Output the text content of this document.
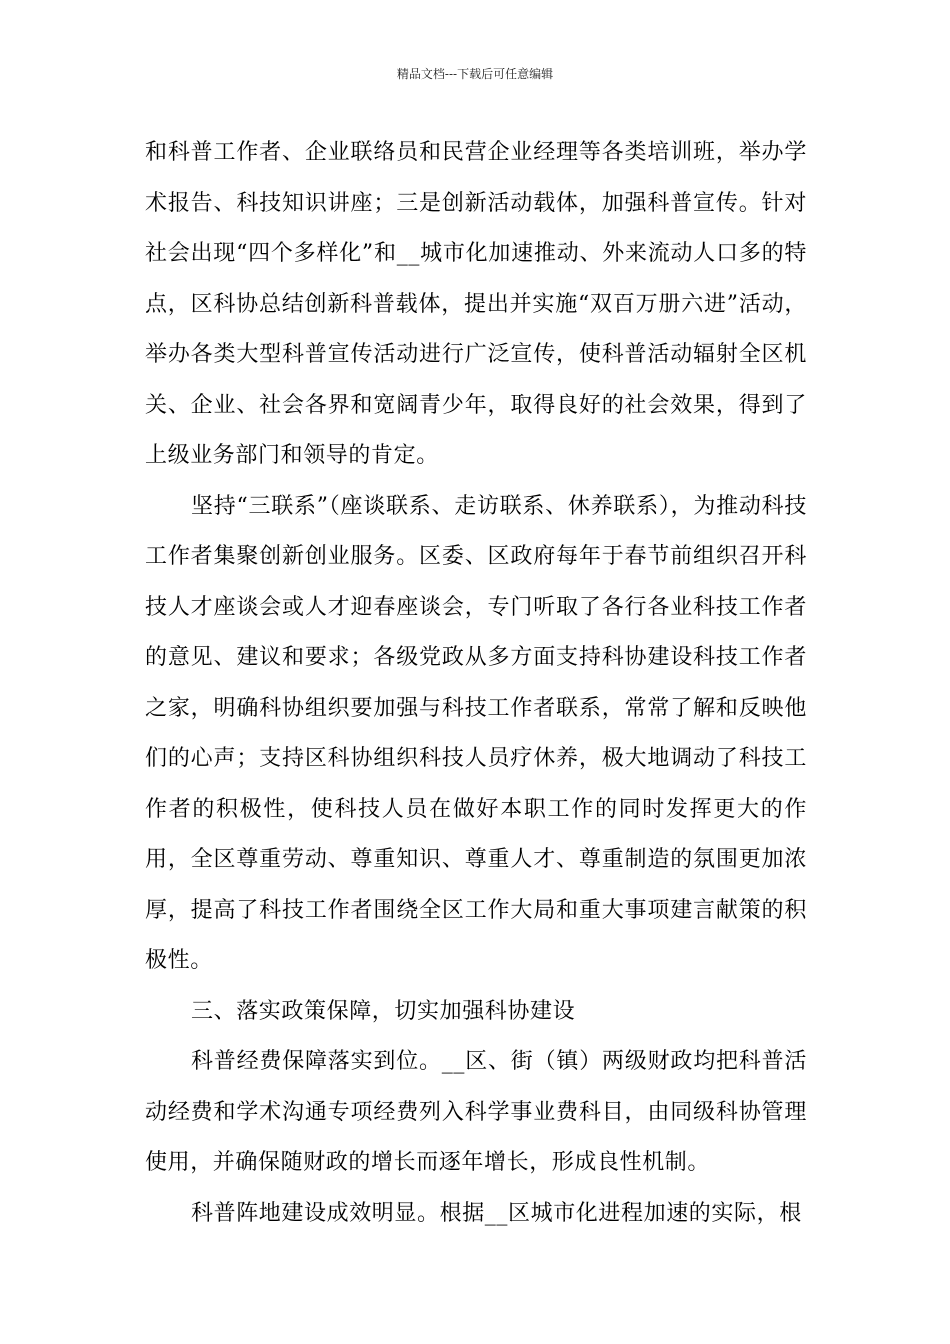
精品文档---下载后可任意编辑

和科普工作者、企业联络员和民营企业经理等各类培训班，举办学术报告、科技知识讲座；三是创新活动载体，加强科普宣传。针对社会出现“四个多样化”和__城市化加速推动、外来流动人口多的特点，区科协总结创新科普载体，提出并实施“双百万册六进”活动，举办各类大型科普宣传活动进行广泛宣传，使科普活动辐射全区机关、企业、社会各界和宽阔青少年，取得良好的社会效果，得到了上级业务部门和领导的肯定。

坚持“三联系”（座谈联系、走访联系、休养联系），为推动科技工作者集聚创新创业服务。区委、区政府每年于春节前组织召开科技人才座谈会或人才迎春座谈会，专门听取了各行各业科技工作者的意见、建议和要求；各级党政从多方面支持科协建设科技工作者之家，明确科协组织要加强与科技工作者联系，常常了解和反映他们的心声；支持区科协组织科技人员疗休养，极大地调动了科技工作者的积极性，使科技人员在做好本职工作的同时发挥更大的作用，全区尊重劳动、尊重知识、尊重人才、尊重制造的氛围更加浓厚，提高了科技工作者围绕全区工作大局和重大事项建言献策的积极性。

三、落实政策保障，切实加强科协建设

科普经费保障落实到位。__区、街（镇）两级财政均把科普活动经费和学术沟通专项经费列入科学事业费科目，由同级科协管理使用，并确保随财政的增长而逐年增长，形成良性机制。

科普阵地建设成效明显。根据__区城市化进程加速的实际，根
